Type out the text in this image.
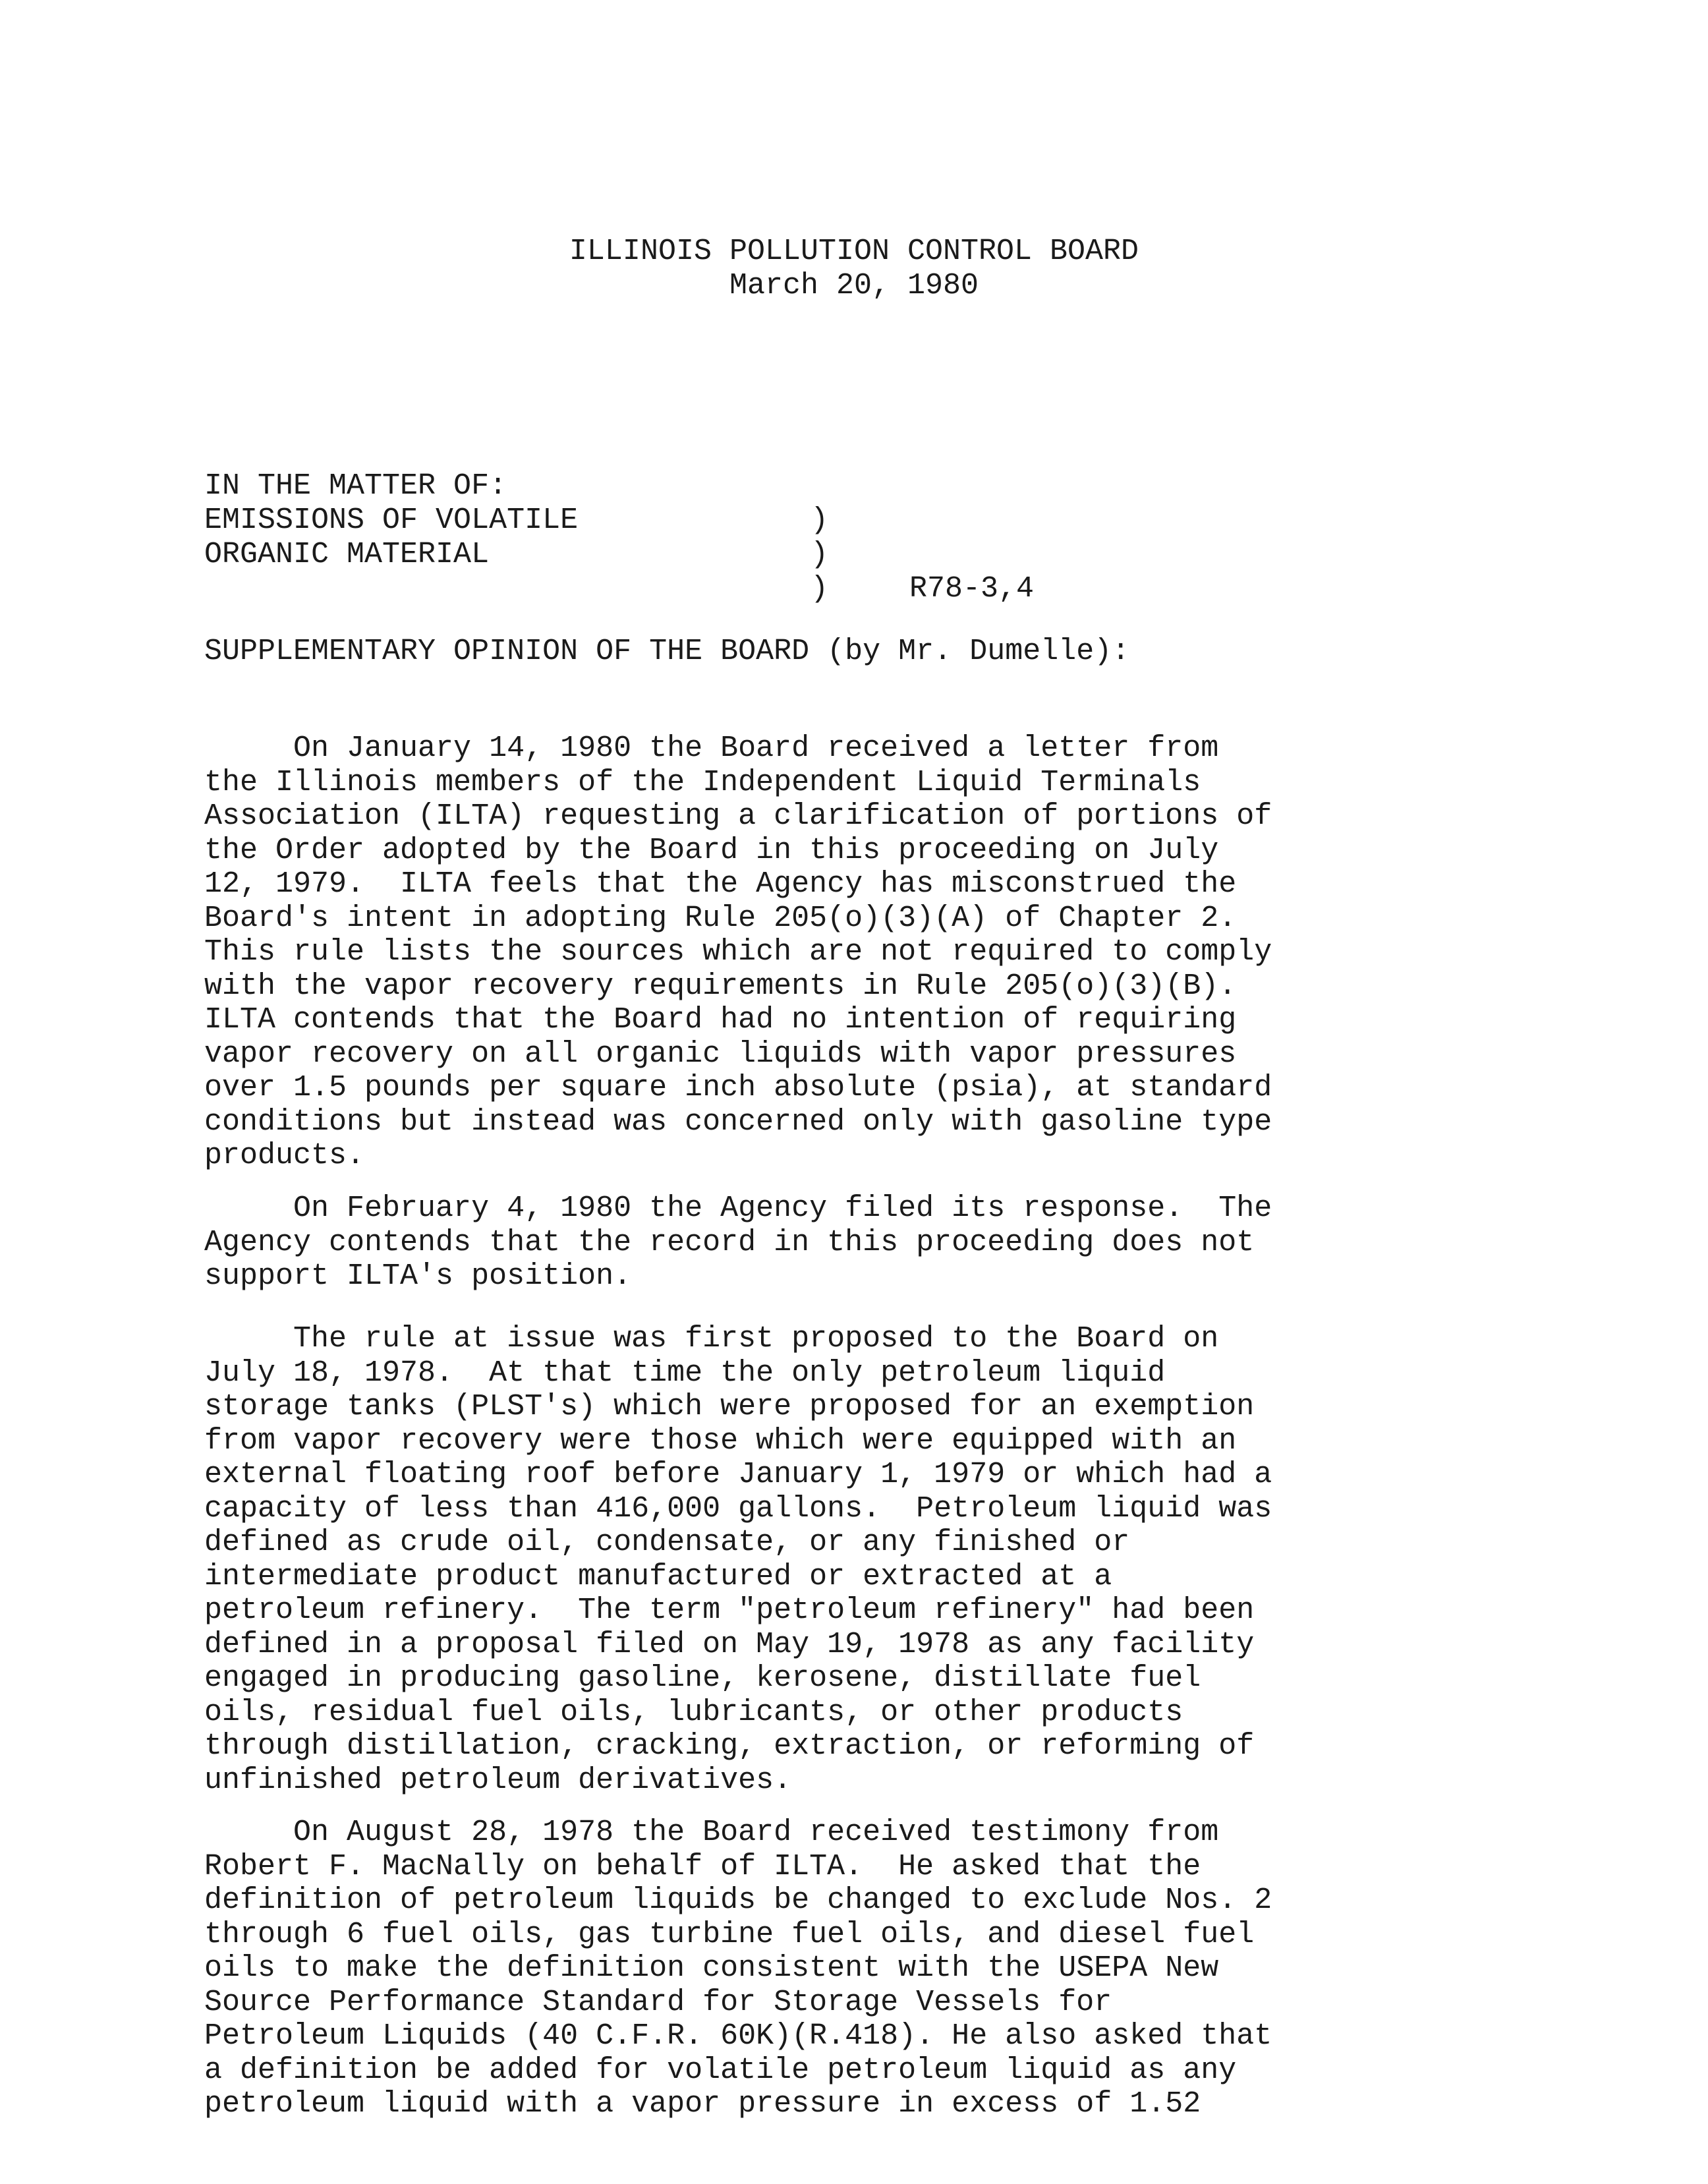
ILLINOIS POLLUTION CONTROL BOARD
March 20, 1980

IN THE MATTER OF:

)

EMISSIONS OF VOLATILE

)

R78-3,4

ORGANIC MATERIAL

)

SUPPLEMENTARY OPINION OF THE BOARD (by Mr. Dumelle):
On January 14, 1980 the Board received a letter from
the Illinois members of the Independent Liquid Terminals
Association (ILTA) requesting a clarification of portions of
the Order adopted by the Board in this proceeding on July
12, 1979.  ILTA feels that the Agency has misconstrued the
Board's intent in adopting Rule 205(o)(3)(A) of Chapter 2.
This rule lists the sources which are not required to comply
with the vapor recovery requirements in Rule 205(o)(3)(B).
ILTA contends that the Board had no intention of requiring
vapor recovery on all organic liquids with vapor pressures
over 1.5 pounds per square inch absolute (psia), at standard
conditions but instead was concerned only with gasoline type
products.
On February 4, 1980 the Agency filed its response.  The
Agency contends that the record in this proceeding does not
support ILTA's position.
The rule at issue was first proposed to the Board on
July 18, 1978.  At that time the only petroleum liquid
storage tanks (PLST's) which were proposed for an exemption
from vapor recovery were those which were equipped with an
external floating roof before January 1, 1979 or which had a
capacity of less than 416,000 gallons.  Petroleum liquid was
defined as crude oil, condensate, or any finished or
intermediate product manufactured or extracted at a
petroleum refinery.  The term "petroleum refinery" had been
defined in a proposal filed on May 19, 1978 as any facility
engaged in producing gasoline, kerosene, distillate fuel
oils, residual fuel oils, lubricants, or other products
through distillation, cracking, extraction, or reforming of
unfinished petroleum derivatives.
On August 28, 1978 the Board received testimony from
Robert F. MacNally on behalf of ILTA.  He asked that the
definition of petroleum liquids be changed to exclude Nos. 2
through 6 fuel oils, gas turbine fuel oils, and diesel fuel
oils to make the definition consistent with the USEPA New
Source Performance Standard for Storage Vessels for
Petroleum Liquids (40 C.F.R. 60K)(R.418). He also asked that
a definition be added for volatile petroleum liquid as any
petroleum liquid with a vapor pressure in excess of 1.52
